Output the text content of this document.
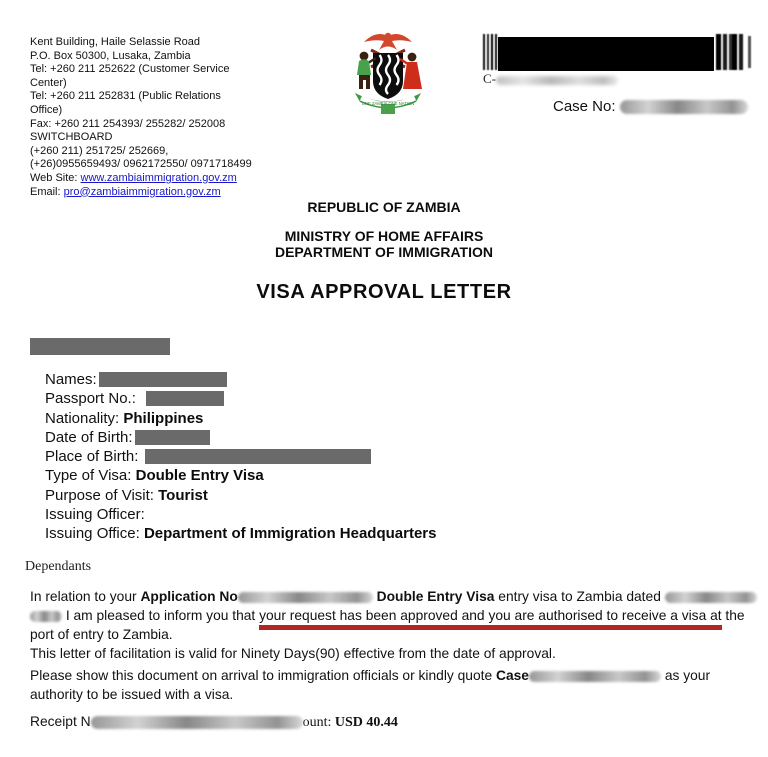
Kent Building, Haile Selassie Road
P.O. Box 50300, Lusaka, Zambia
Tel: +260 211 252622 (Customer Service
Center)
Tel: +260 211 252831 (Public Relations
Office)
Fax: +260 211 254393/ 255282/ 252008
SWITCHBOARD
(+260 211) 251725/ 252669,
(+26)0955659493/ 0962172550/ 0971718499
Web Site: www.zambiaimmigration.gov.zm
Email: pro@zambiaimmigration.gov.zm
ONE ZAMBIA ONE NATION
C-
Case No:
REPUBLIC OF ZAMBIA
MINISTRY OF HOME AFFAIRS
DEPARTMENT OF IMMIGRATION
VISA APPROVAL LETTER
Names:
Passport No.:
Nationality: Philippines
Date of Birth:
Place of Birth:
Type of Visa: Double Entry Visa
Purpose of Visit: Tourist
Issuing Officer:
Issuing Office: Department of Immigration Headquarters
Dependants
In relation to your Application No	Double Entry Visa entry visa to Zambia dated
I am pleased to inform you that your request has been approved and you are authorised to receive a visa at the
port of entry to Zambia.
This letter of facilitation is valid for Ninety Days(90) effective from the date of approval.
Please show this document on arrival to immigration officials or kindly quote Case	as your
authority to be issued with a visa.
Receipt N	ount: USD 40.44
